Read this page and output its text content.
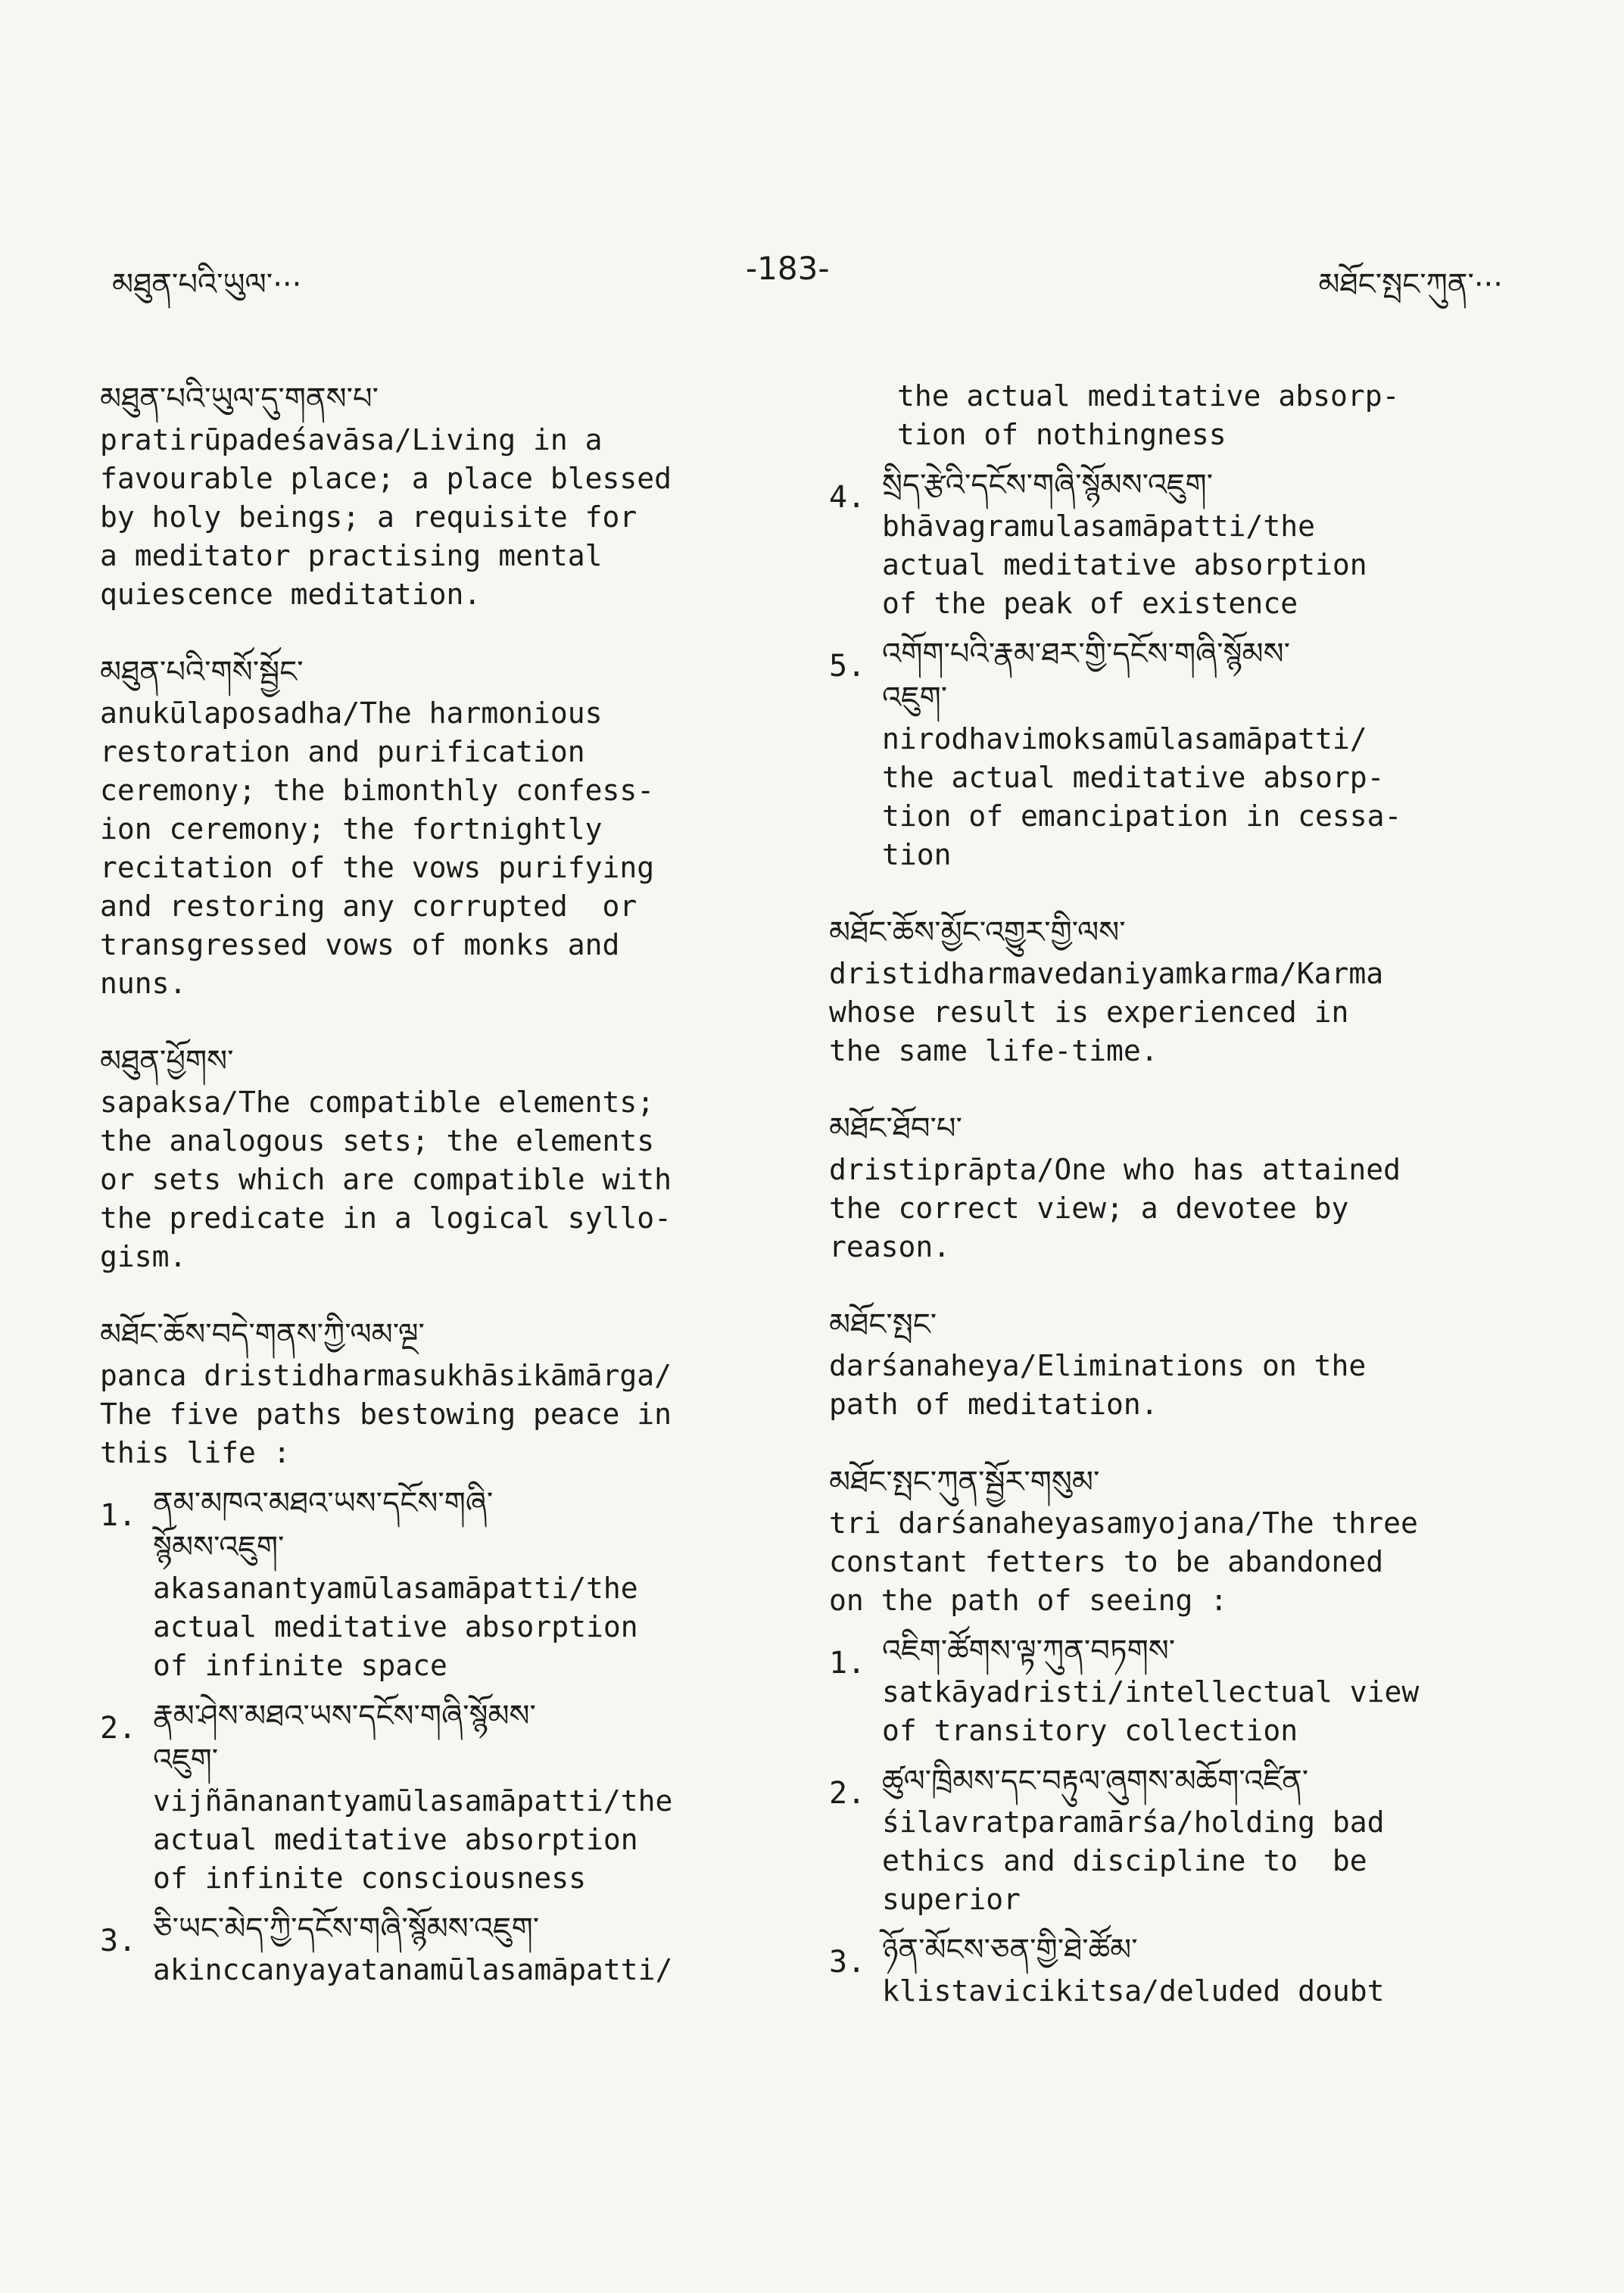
མཐུན་པའི་ཡུལ་···	-183-	མཐོང་སྤང་ཀུན་···
མཐུན་པའི་ཡུལ་དུ་གནས་པ་
pratirūpadeśavāsa/Living in a
favourable place; a place blessed
by holy beings; a requisite for
a meditator practising mental
quiescence meditation.
མཐུན་པའི་གསོ་སྦྱོང་
anukūlaposadha/The harmonious
restoration and purification
ceremony; the bimonthly confess-
ion ceremony; the fortnightly
recitation of the vows purifying
and restoring any corrupted  or
transgressed vows of monks and
nuns.
མཐུན་ཕྱོགས་
sapaksa/The compatible elements;
the analogous sets; the elements
or sets which are compatible with
the predicate in a logical syllo-
gism.
མཐོང་ཆོས་བདེ་གནས་ཀྱི་ལམ་ལྔ་
panca dristidharmasukhāsikāmārga/
The five paths bestowing peace in
this life :
1. ནམ་མཁའ་མཐའ་ཡས་དངོས་གཞི་
སྙོམས་འཇུག་
akasanantyamūlasamāpatti/the
actual meditative absorption
of infinite space
2. རྣམ་ཤེས་མཐའ་ཡས་དངོས་གཞི་སྙོམས་
འཇུག་
vijñānanantyamūlasamāpatti/the
actual meditative absorption
of infinite consciousness
3. ཅི་ཡང་མེད་ཀྱི་དངོས་གཞི་སྙོམས་འཇུག་
akinccanyayatanamūlasamāpatti/
the actual meditative absorp-
tion of nothingness
4. སྲིད་རྩེའི་དངོས་གཞི་སྙོམས་འཇུག་
bhāvagramulasamāpatti/the
actual meditative absorption
of the peak of existence
5. འགོག་པའི་རྣམ་ཐར་གྱི་དངོས་གཞི་སྙོམས་
འཇུག་
nirodhavimoksamūlasamāpatti/
the actual meditative absorp-
tion of emancipation in cessa-
tion
མཐོང་ཆོས་མྱོང་འགྱུར་གྱི་ལས་
dristidharmavedaniyamkarma/Karma
whose result is experienced in
the same life-time.
མཐོང་ཐོབ་པ་
dristiprāpta/One who has attained
the correct view; a devotee by
reason.
མཐོང་སྤང་
darśanaheya/Eliminations on the
path of meditation.
མཐོང་སྤང་ཀུན་སྦྱོར་གསུམ་
tri darśanaheyasamyojana/The three
constant fetters to be abandoned
on the path of seeing :
1. འཇིག་ཚོགས་ལྟ་ཀུན་བཏགས་
satkāyadristi/intellectual view
of transitory collection
2. ཚུལ་ཁྲིམས་དང་བརྟུལ་ཞུགས་མཆོག་འཛིན་
śilavratparamārśa/holding bad
ethics and discipline to  be
superior
3. ཉོན་མོངས་ཅན་གྱི་ཐེ་ཚོམ་
klistavicikitsa/deluded doubt
